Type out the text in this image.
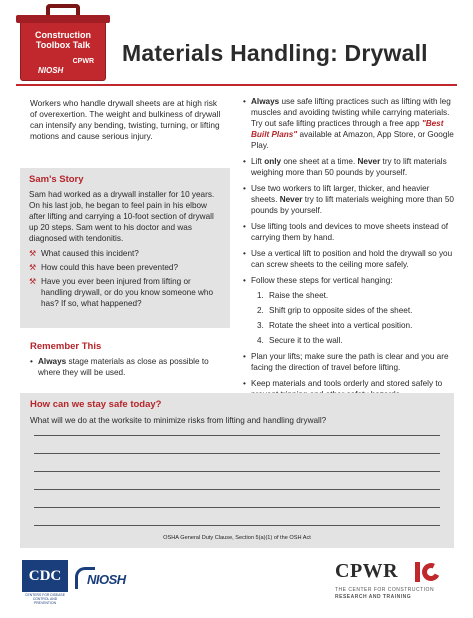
Construction
Toolbox Talk
CPWR
NIOSH
Materials Handling: Drywall

Workers who handle drywall sheets are at high risk of overexertion. The weight and bulkiness of drywall can intensify any bending, twisting, turning, or lifting motions and cause serious injury.

Sam's Story

Sam had worked as a drywall installer for 10 years. On his last job, he began to feel pain in his elbow after lifting and carrying a 10-foot section of drywall up 20 steps. Sam went to his doctor and was diagnosed with tendonitis.

⚒ What caused this incident?
⚒ How could this have been prevented?
⚒ Have you ever been injured from lifting or handling drywall, or do you know someone who has? If so, what happened?
Remember This
• Always stage materials as close as possible to where they will be used.
• Always use safe lifting practices such as lifting with leg muscles and avoiding twisting while carrying materials. Try out safe lifting practices through a free app "Best Built Plans" available at Amazon, App Store, or Google Play.
• Lift only one sheet at a time. Never try to lift materials weighing more than 50 pounds by yourself.
• Use two workers to lift larger, thicker, and heavier sheets. Never try to lift materials weighing more than 50 pounds by yourself.
• Use lifting tools and devices to move sheets instead of carrying them by hand.
• Use a vertical lift to position and hold the drywall so you can screw sheets to the ceiling more safely.
• Follow these steps for vertical hanging:
1. Raise the sheet.
2. Shift grip to opposite sides of the sheet.
3. Rotate the sheet into a vertical position.
4. Secure it to the wall.
• Plan your lifts; make sure the path is clear and you are facing the direction of travel before lifting.
• Keep materials and tools orderly and stored safely to
How can we stay safe today?

What will we do at the worksite to minimize risks from lifting and handling drywall?

OSHA General Duty Clause, Section 5(a)(1) of the OSH Act
CDC
CENTERS FOR DISEASE CONTROL AND PREVENTION
NIOSH	CPWR
THE CENTER FOR CONSTRUCTION
RESEARCH AND TRAINING
